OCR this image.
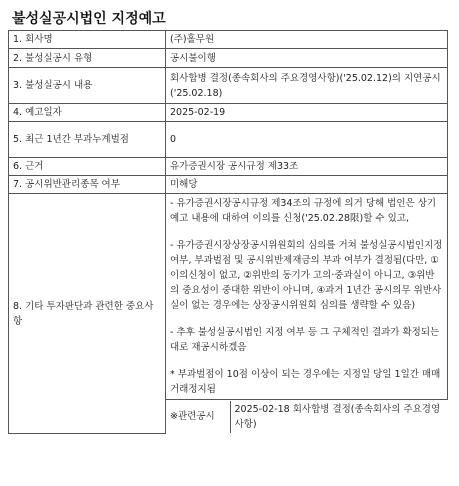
불성실공시법인 지정예고
1. 회사명	(주)홀무원
2. 불성실공시 유형	공시불이행
3. 불성실공시 내용	회사합병 결정(종속회사의 주요경영사항)('25.02.12)의 지연공시('25.02.18)
4. 예고일자	2025-02-19
5. 최근 1년간 부과누계벌점	0
6. 근거	유가증권시장 공시규정 제33조
7. 공시위반관리종목 여부	미해당
8. 기타 투자판단과 관련한 중요사항	

- 유가증권시장공시규정 제34조의 규정에 의거 당해 법인은 상기 예고 내용에 대하여 이의를 신청('25.02.28限)할 수 있고,

- 유가증권시장상장공시위원회의 심의를 거쳐 불성실공시법인지정 여부, 부과벌점 및 공시위반제재금의 부과 여부가 결정됨(다만, ①이의신청이 없고, ②위반의 동기가 고의·중과실이 아니고, ③위반의 중요성이 중대한 위반이 아니며, ④과거 1년간 공시의무 위반사실이 없는 경우에는 상장공시위원회 심의를 생략할 수 있음)

- 추후 불성실공시법인 지정 여부 등 그 구체적인 결과가 확정되는 대로 재공시하겠음

* 부과벌점이 10점 이상이 되는 경우에는 지정일 당일 1일간 매매거래정지됨

※관련공시	2025-02-18 회사합병 결정(종속회사의 주요경영사항)
